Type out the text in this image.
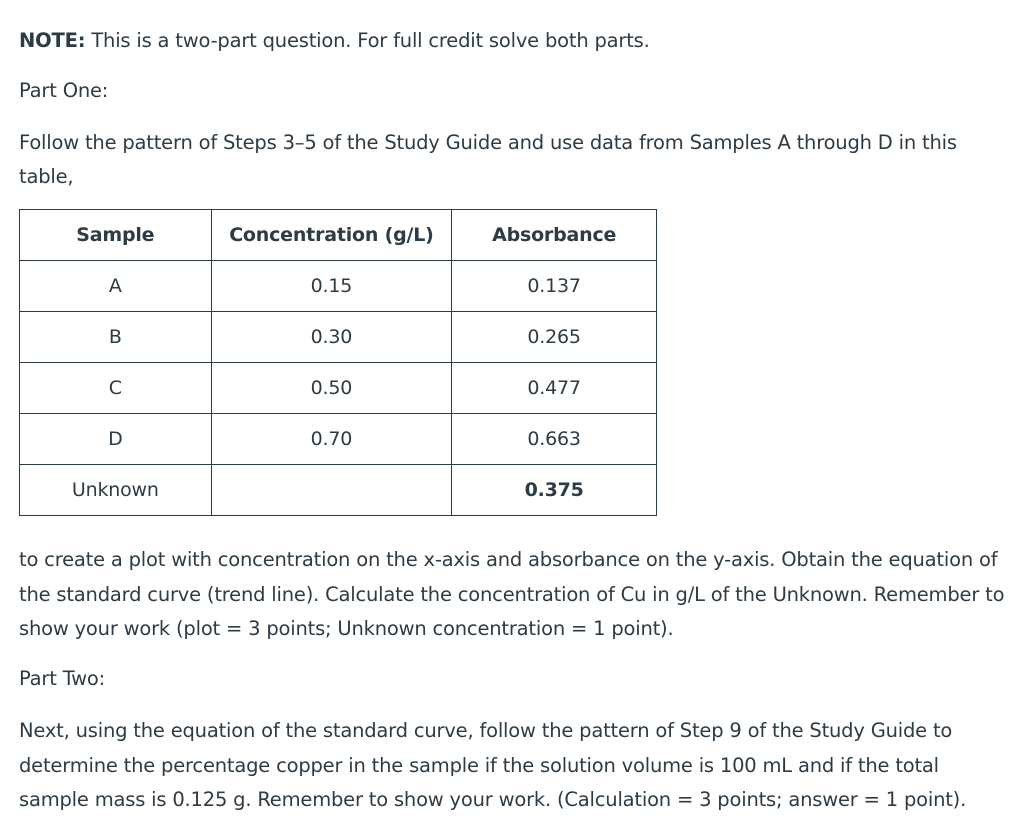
NOTE: This is a two-part question. For full credit solve both parts.

Part One:

Follow the pattern of Steps 3–5 of the Study Guide and use data from Samples A through D in this table,

Sample	Concentration (g/L)	Absorbance
A	0.15	0.137
B	0.30	0.265
C	0.50	0.477
D	0.70	0.663
Unknown		0.375

to create a plot with concentration on the x-axis and absorbance on the y-axis. Obtain the equation of the standard curve (trend line). Calculate the concentration of Cu in g/L of the Unknown. Remember to show your work (plot = 3 points; Unknown concentration = 1 point).

Part Two:

Next, using the equation of the standard curve, follow the pattern of Step 9 of the Study Guide to determine the percentage copper in the sample if the solution volume is 100 mL and if the total sample mass is 0.125 g. Remember to show your work. (Calculation = 3 points; answer = 1 point).
